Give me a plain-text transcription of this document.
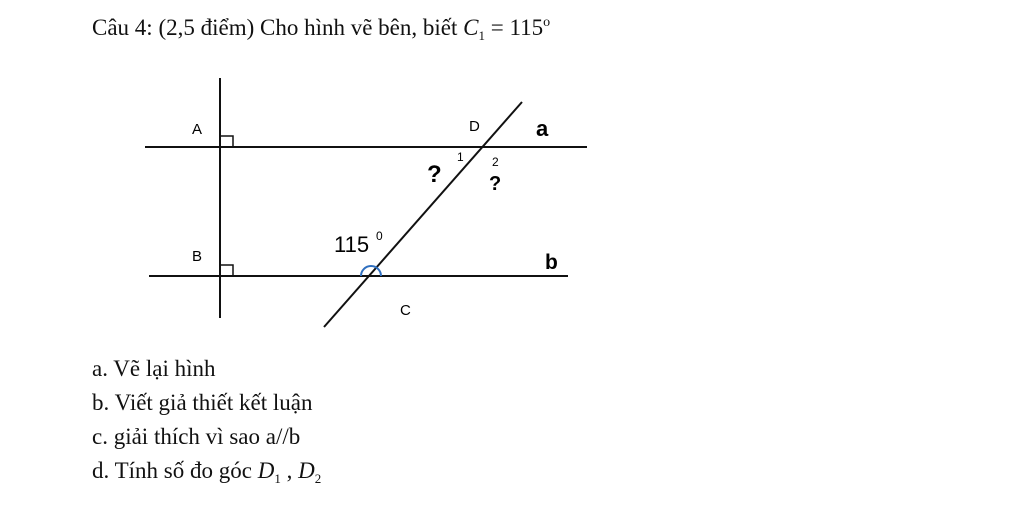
Câu 4: (2,5 điểm) Cho hình vẽ bên, biết $C_1 = 115^o$
A
B
C
D	a
b
?
1 2
?
115 0
a. Vẽ lại hình
b. Viết giả thiết kết luận
c. giải thích vì sao a//b
d. Tính số đo góc $D_1$ , $D_2$
